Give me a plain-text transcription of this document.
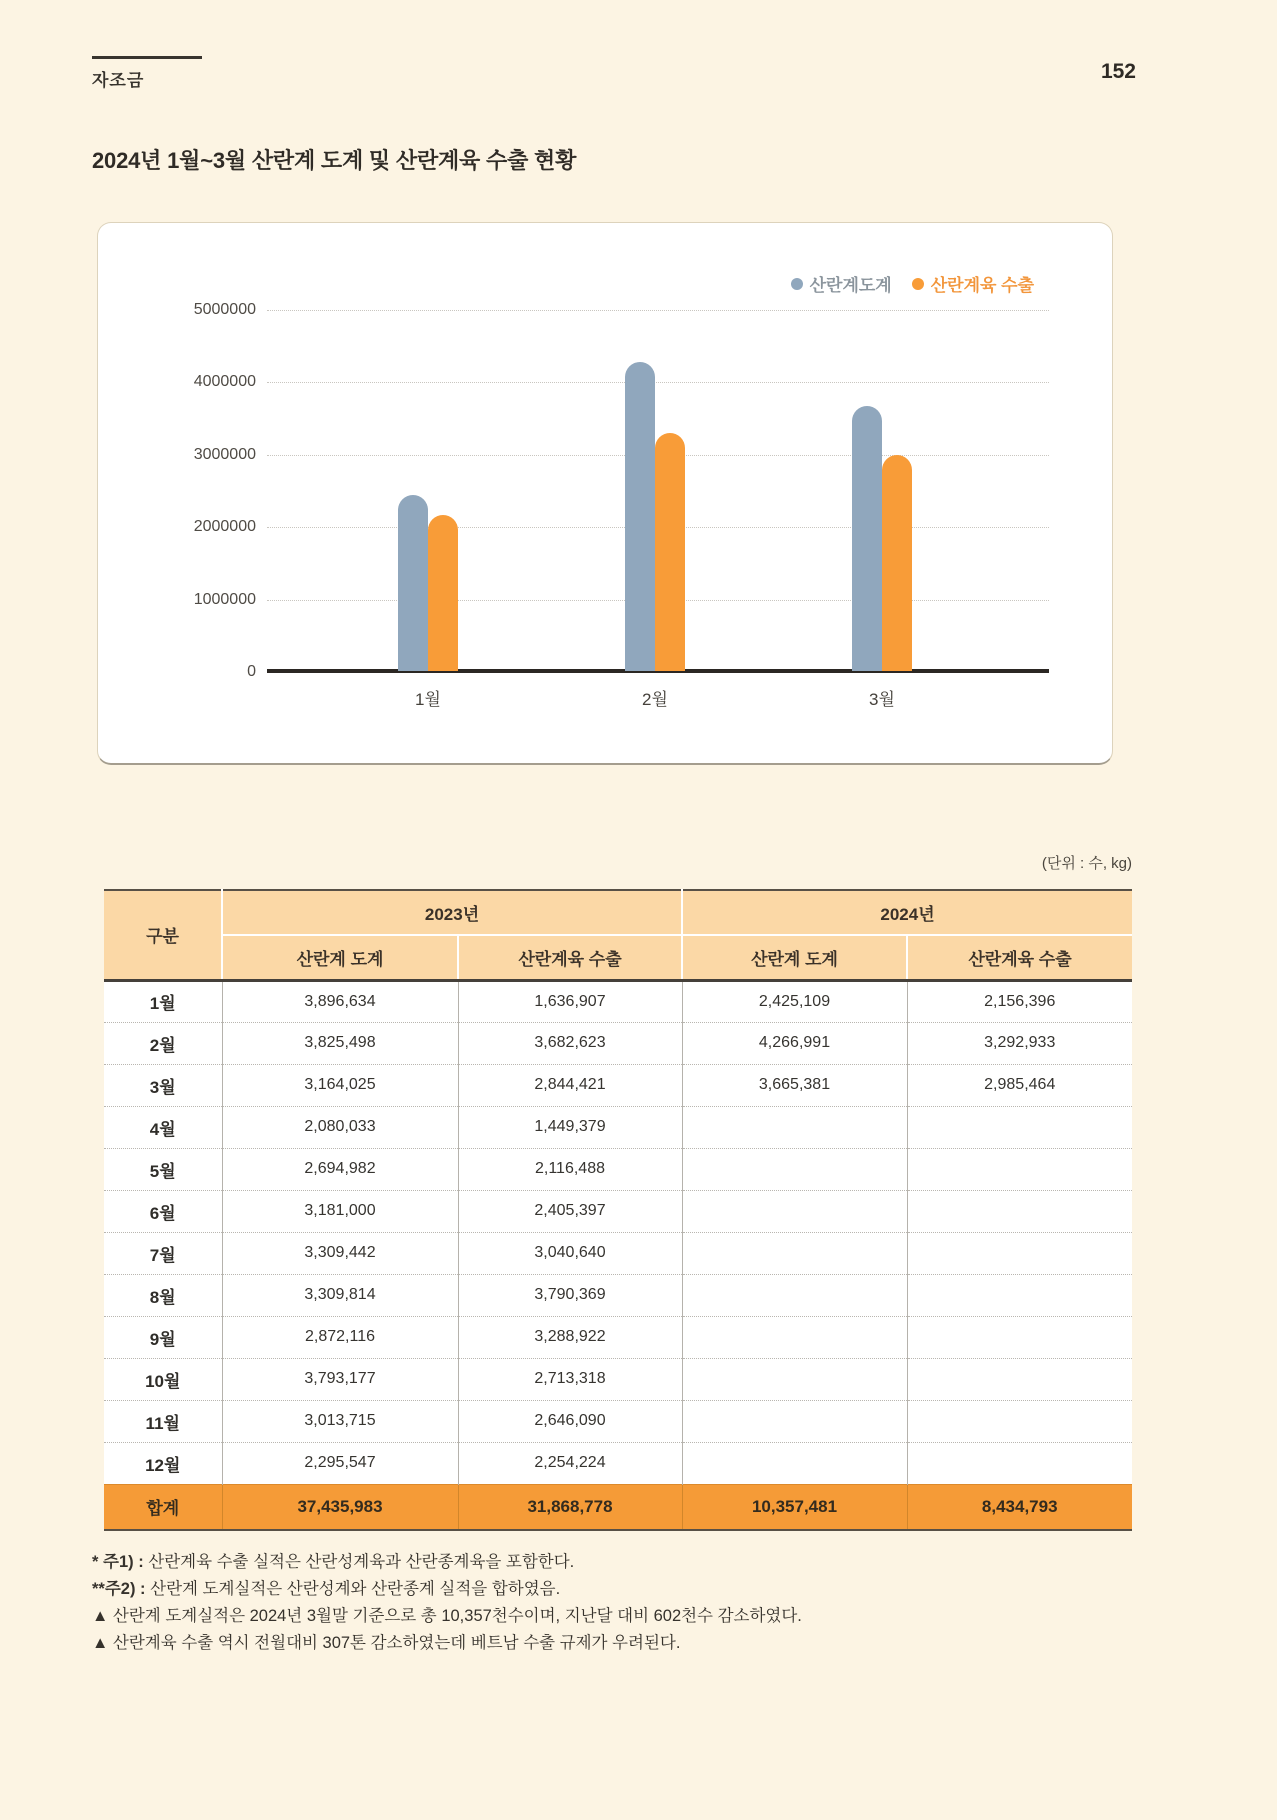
자조금	152
2024년 1월~3월 산란계 도계 및 산란계육 수출 현황
산란계도계 산란계육 수출
0
1000000
2000000
3000000
4000000
5000000
1월	2월	3월
(단위 : 수, kg)
구분	2023년		2024년	
	산란계 도계	산란계육 수출	산란계 도계	산란계육 수출
1월	3,896,634	1,636,907	2,425,109	2,156,396
2월	3,825,498	3,682,623	4,266,991	3,292,933
3월	3,164,025	2,844,421	3,665,381	2,985,464
4월	2,080,033	1,449,379		
5월	2,694,982	2,116,488		
6월	3,181,000	2,405,397		
7월	3,309,442	3,040,640		
8월	3,309,814	3,790,369		
9월	2,872,116	3,288,922		
10월	3,793,177	2,713,318		
11월	3,013,715	2,646,090		
12월	2,295,547	2,254,224		
합계	37,435,983	31,868,778	10,357,481	8,434,793
* 주1) : 산란계육 수출 실적은 산란성계육과 산란종계육을 포함한다.
**주2) : 산란계 도계실적은 산란성계와 산란종계 실적을 합하였음.
▲ 산란계 도계실적은 2024년 3월말 기준으로 총 10,357천수이며, 지난달 대비 602천수 감소하였다.
▲ 산란계육 수출 역시 전월대비 307톤 감소하였는데 베트남 수출 규제가 우려된다.
